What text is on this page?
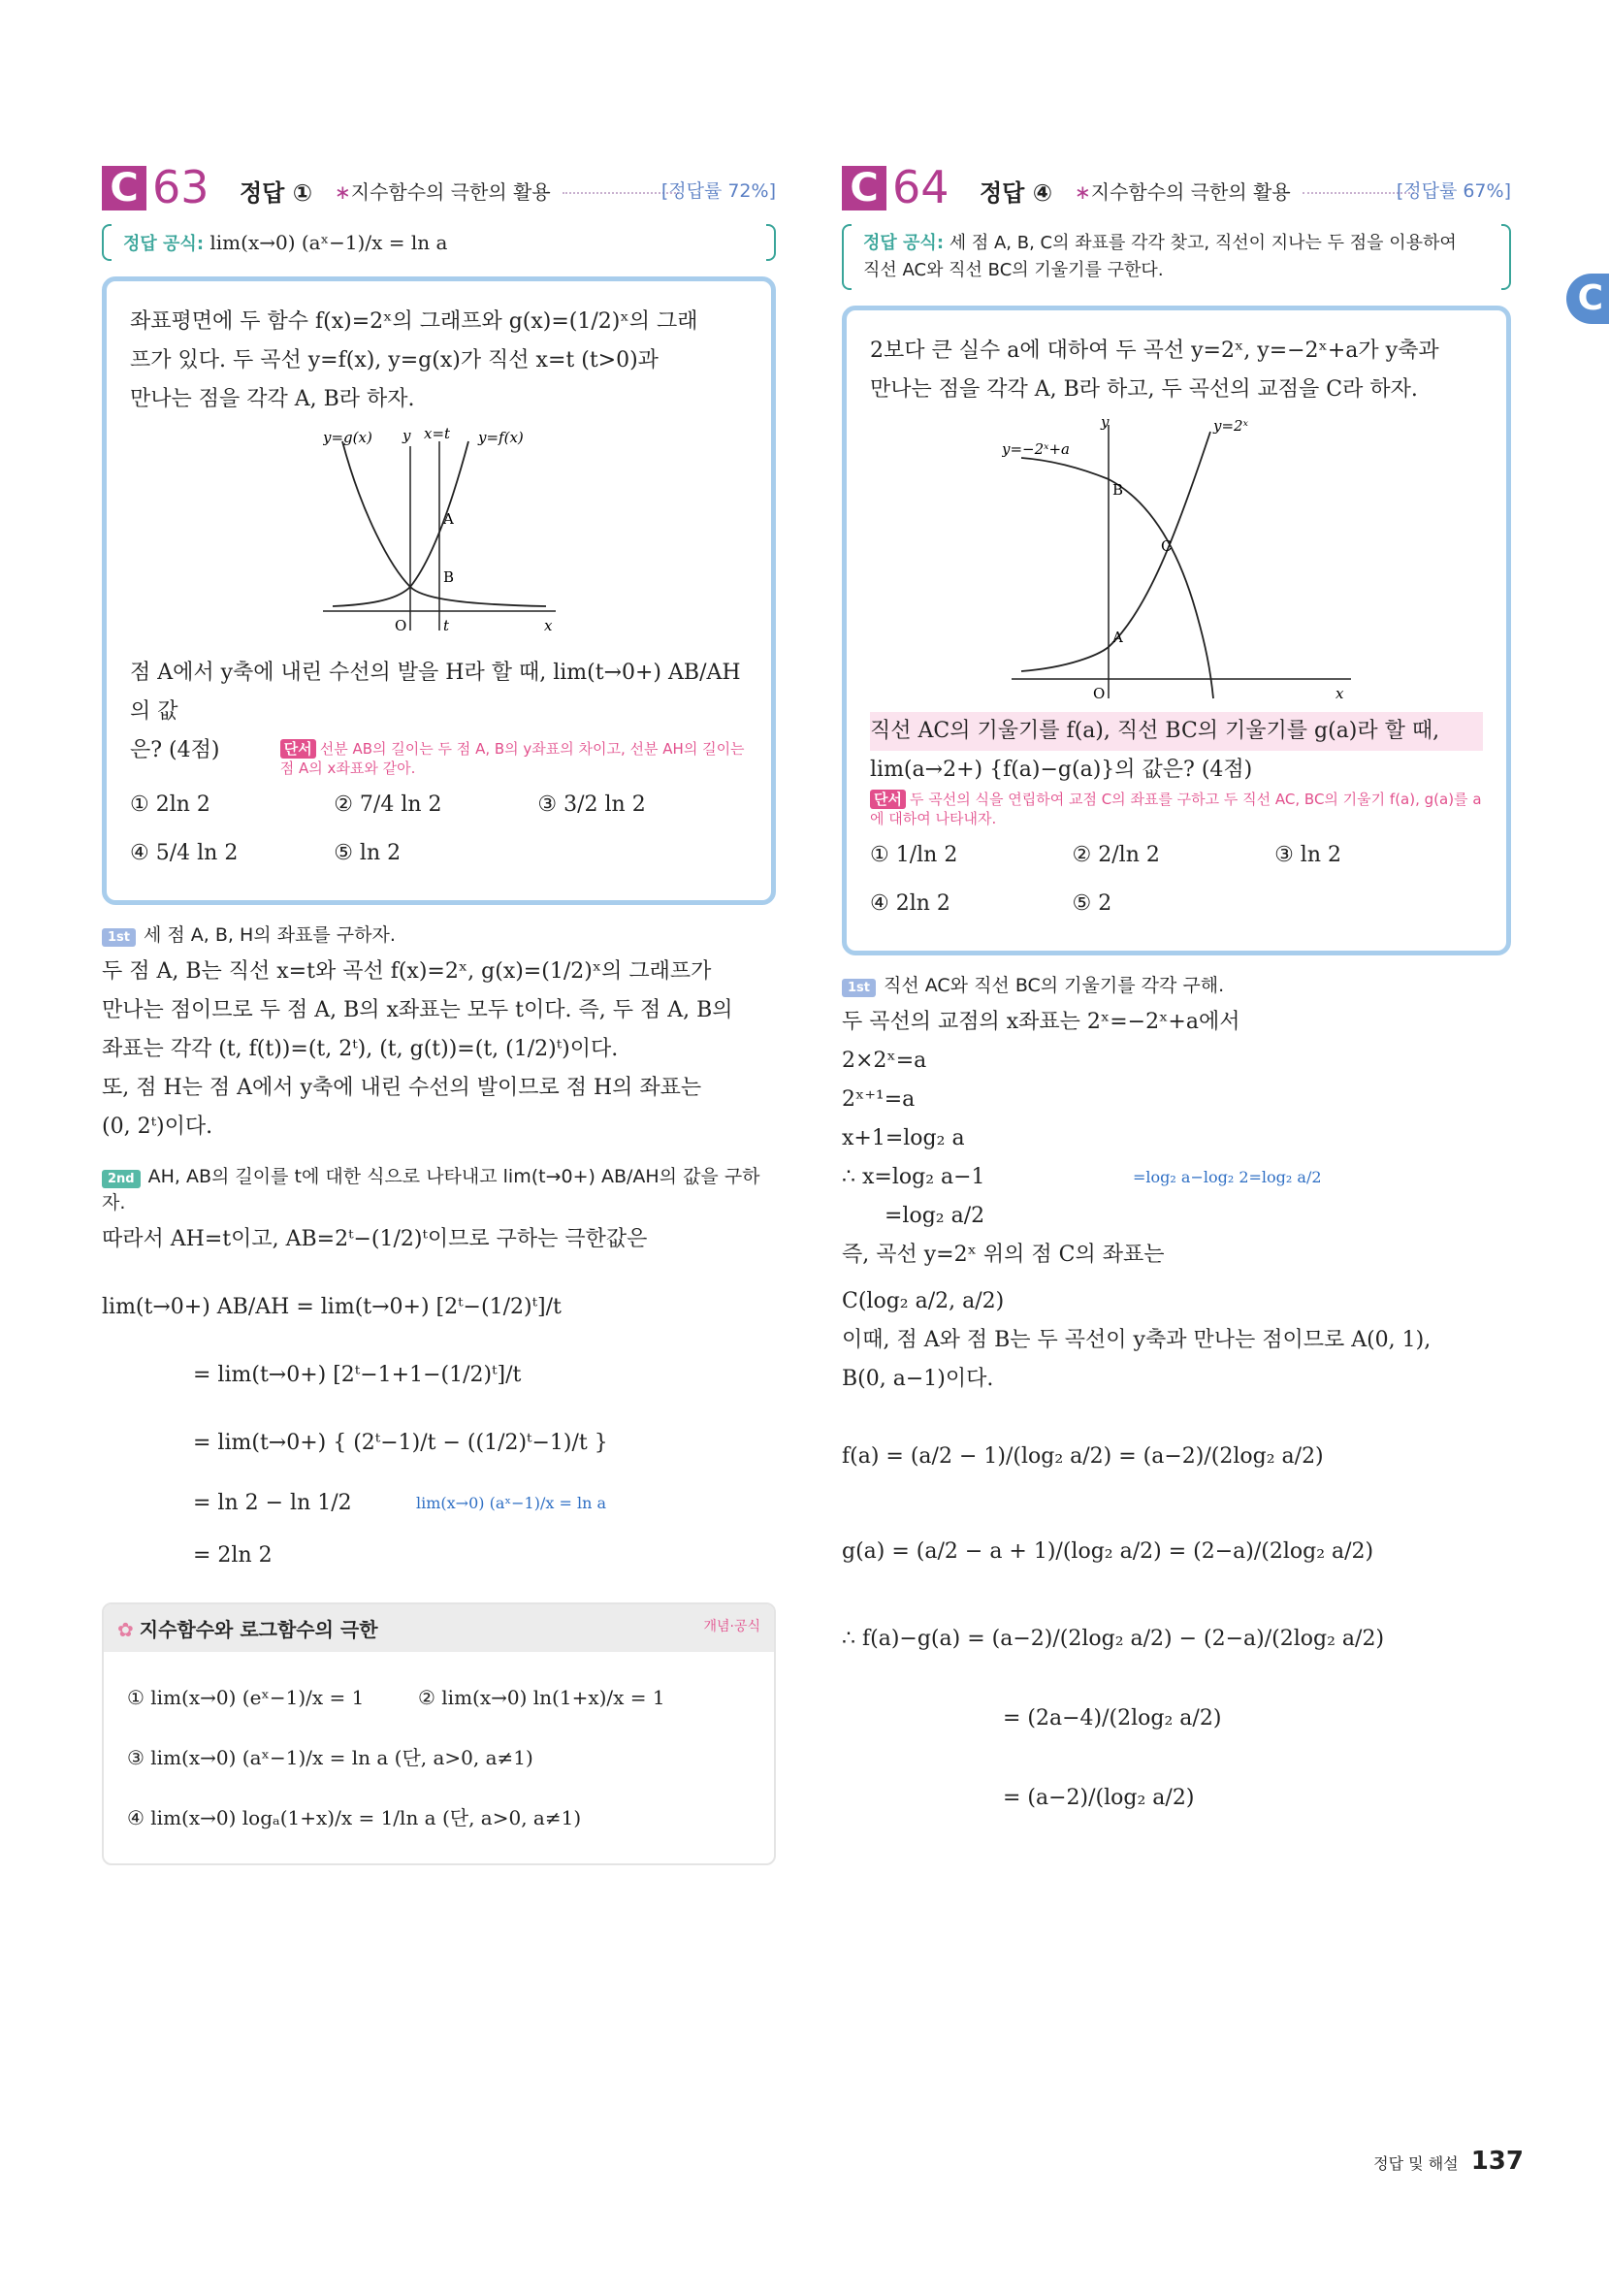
C 63 정답 ① ∗지수함수의 극한의 활용	[정답률 72%]
정답 공식: lim(x→0) (aˣ−1)/x = ln a
좌표평면에 두 함수 f(x)=2ˣ의 그래프와 g(x)=(1/2)ˣ의 그래
프가 있다. 두 곡선 y=f(x), y=g(x)가 직선 x=t (t>0)과
만나는 점을 각각 A, B라 하자.
y=g(x) y x=t y=f(x)
A
B
O	t	x
점 A에서 y축에 내린 수선의 발을 H라 할 때, lim(t→0+) AB/AH의 값
은? (4점)	단서 선분 AB의 길이는 두 점 A, B의 y좌표의 차이고, 선분 AH의 길이는 점 A의 x좌표와 같아.
① 2ln 2	② 7/4 ln 2	③ 3/2 ln 2
④ 5/4 ln 2	⑤ ln 2
1st 세 점 A, B, H의 좌표를 구하자.
두 점 A, B는 직선 x=t와 곡선 f(x)=2ˣ, g(x)=(1/2)ˣ의 그래프가
만나는 점이므로 두 점 A, B의 x좌표는 모두 t이다. 즉, 두 점 A, B의
좌표는 각각 (t, f(t))=(t, 2ᵗ), (t, g(t))=(t, (1/2)ᵗ)이다.
또, 점 H는 점 A에서 y축에 내린 수선의 발이므로 점 H의 좌표는
(0, 2ᵗ)이다.
2nd AH, AB의 길이를 t에 대한 식으로 나타내고 lim(t→0+) AB/AH의 값을 구하자.
따라서 AH=t이고, AB=2ᵗ−(1/2)ᵗ이므로 구하는 극한값은
lim(t→0+) AB/AH = lim(t→0+) [2ᵗ−(1/2)ᵗ]/t
= lim(t→0+) [2ᵗ−1+1−(1/2)ᵗ]/t
= lim(t→0+) { (2ᵗ−1)/t − ((1/2)ᵗ−1)/t }
= ln 2 − ln 1/2	lim(x→0) (aˣ−1)/x = ln a
= 2ln 2
✿ 지수함수와 로그함수의 극한	개념·공식
① lim(x→0) (eˣ−1)/x = 1	② lim(x→0) ln(1+x)/x = 1
③ lim(x→0) (aˣ−1)/x = ln a (단, a>0, a≠1)
④ lim(x→0) logₐ(1+x)/x = 1/ln a (단, a>0, a≠1)
C 64 정답 ④ ∗지수함수의 극한의 활용	[정답률 67%]
정답 공식: 세 점 A, B, C의 좌표를 각각 찾고, 직선이 지나는 두 점을 이용하여
직선 AC와 직선 BC의 기울기를 구한다.
2보다 큰 실수 a에 대하여 두 곡선 y=2ˣ, y=−2ˣ+a가 y축과
만나는 점을 각각 A, B라 하고, 두 곡선의 교점을 C라 하자.
y	y=2ˣ
y=−2ˣ+a
B
C
A
O	x
직선 AC의 기울기를 f(a), 직선 BC의 기울기를 g(a)라 할 때,
lim(a→2+) {f(a)−g(a)}의 값은? (4점)
단서 두 곡선의 식을 연립하여 교점 C의 좌표를 구하고 두 직선 AC, BC의 기울기 f(a), g(a)를 a에 대하여 나타내자.
① 1/ln 2	② 2/ln 2	③ ln 2
④ 2ln 2	⑤ 2
1st 직선 AC와 직선 BC의 기울기를 각각 구해.
두 곡선의 교점의 x좌표는 2ˣ=−2ˣ+a에서
2×2ˣ=a
2ˣ⁺¹=a
x+1=log₂ a
∴ x=log₂ a−1	=log₂ a−log₂ 2=log₂ a/2
=log₂ a/2
즉, 곡선 y=2ˣ 위의 점 C의 좌표는
C(log₂ a/2, a/2)
이때, 점 A와 점 B는 두 곡선이 y축과 만나는 점이므로 A(0, 1),
B(0, a−1)이다.
f(a) = (a/2 − 1)/(log₂ a/2) = (a−2)/(2log₂ a/2)
g(a) = (a/2 − a + 1)/(log₂ a/2) = (2−a)/(2log₂ a/2)
∴ f(a)−g(a) = (a−2)/(2log₂ a/2) − (2−a)/(2log₂ a/2)
= (2a−4)/(2log₂ a/2)
= (a−2)/(log₂ a/2)
C
정답 및 해설 137
